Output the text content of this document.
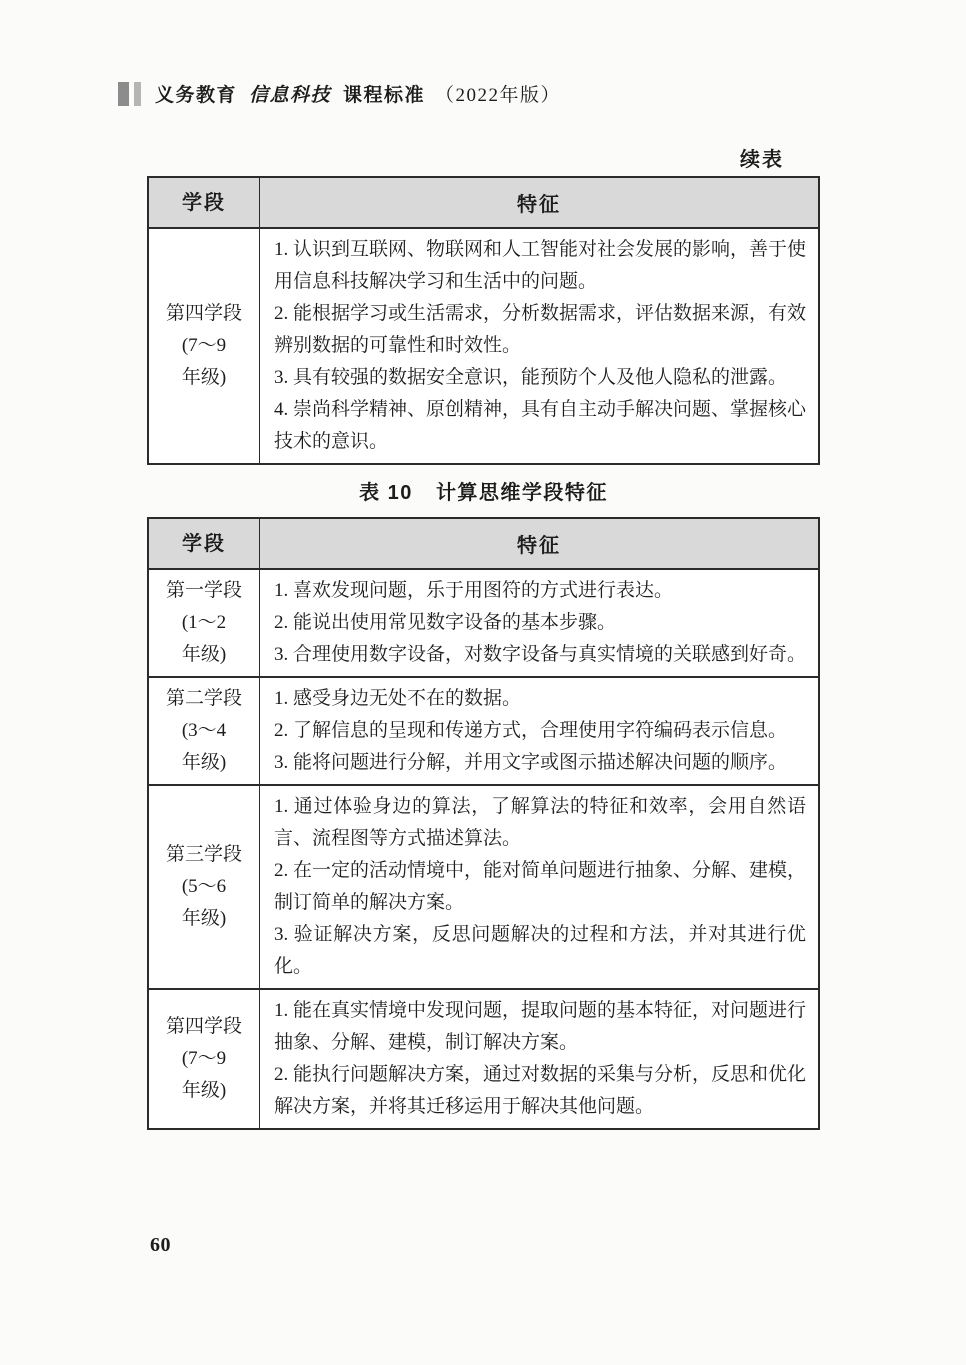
义务教育 信息科技 课程标准 （2022年版）
续表
学段	特征
第四学段
(7～9
年级)
1. 认识到互联网、物联网和人工智能对社会发展的影响，善于使用信息科技解决学习和生活中的问题。
2. 能根据学习或生活需求，分析数据需求，评估数据来源，有效辨别数据的可靠性和时效性。
3. 具有较强的数据安全意识，能预防个人及他人隐私的泄露。
4. 崇尚科学精神、原创精神，具有自主动手解决问题、掌握核心技术的意识。
表 10 计算思维学段特征
学段	特征
第一学段
(1～2
年级)
1. 喜欢发现问题，乐于用图符的方式进行表达。
2. 能说出使用常见数字设备的基本步骤。
3. 合理使用数字设备，对数字设备与真实情境的关联感到好奇。
第二学段
(3～4
年级)
1. 感受身边无处不在的数据。
2. 了解信息的呈现和传递方式，合理使用字符编码表示信息。
3. 能将问题进行分解，并用文字或图示描述解决问题的顺序。
第三学段
(5～6
年级)
1. 通过体验身边的算法，了解算法的特征和效率，会用自然语言、流程图等方式描述算法。
2. 在一定的活动情境中，能对简单问题进行抽象、分解、建模，制订简单的解决方案。
3. 验证解决方案，反思问题解决的过程和方法，并对其进行优化。
第四学段
(7～9
年级)
1. 能在真实情境中发现问题，提取问题的基本特征，对问题进行抽象、分解、建模，制订解决方案。
2. 能执行问题解决方案，通过对数据的采集与分析，反思和优化解决方案，并将其迁移运用于解决其他问题。
60
